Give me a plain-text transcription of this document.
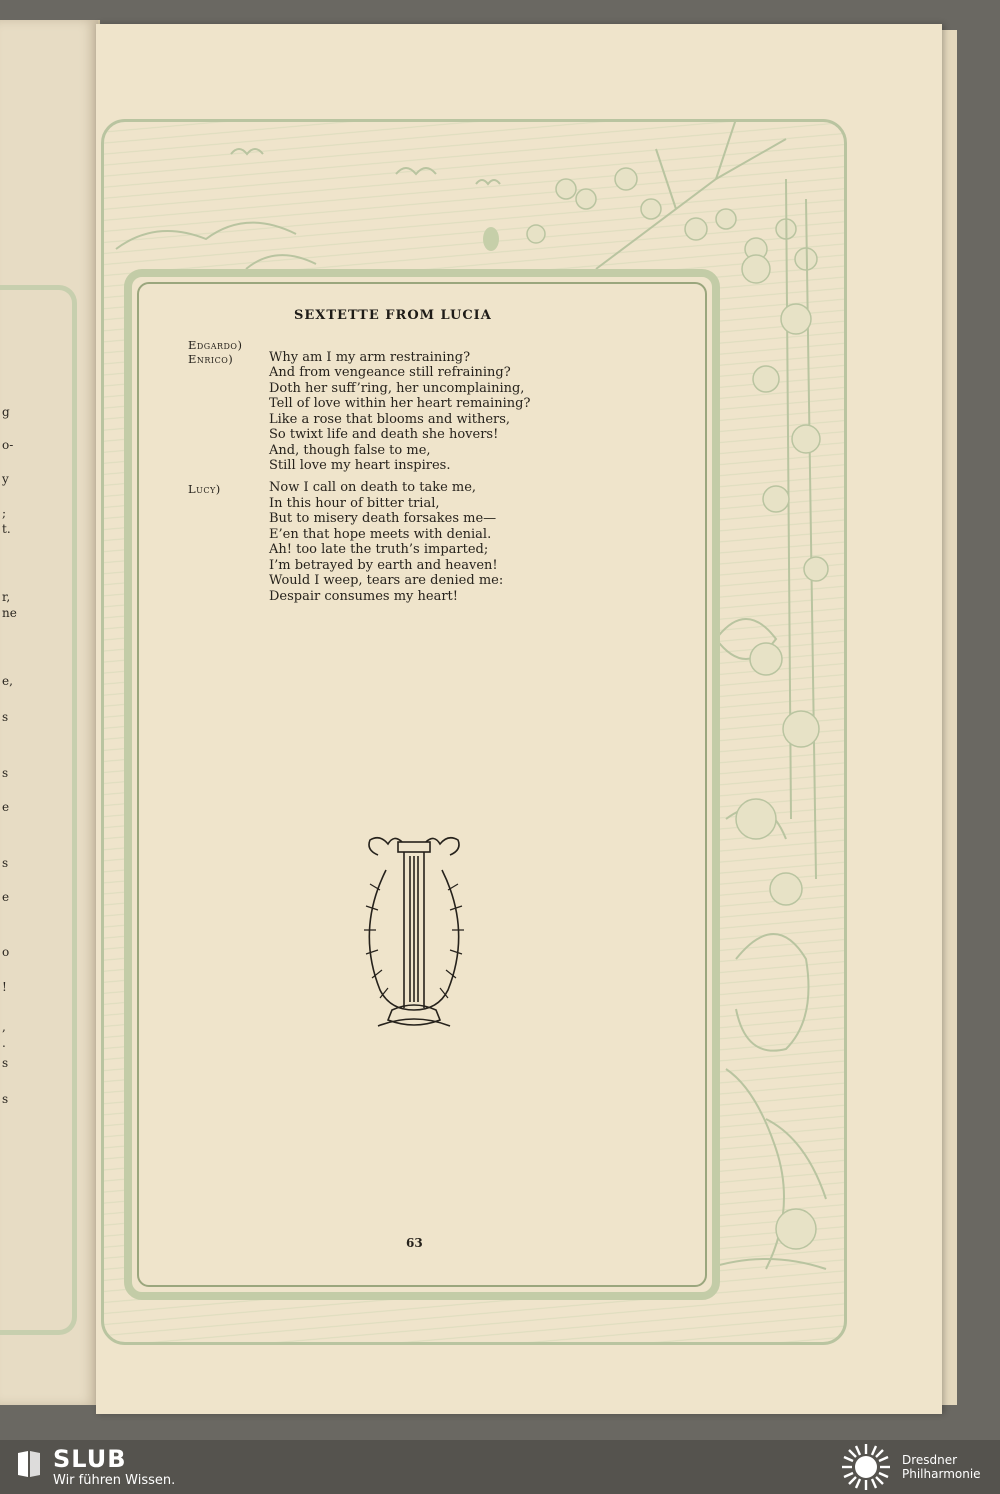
g
o-
y
;
t.
r,
ne
e,
s
s
e
s
e
o
!
,
.
s
s
SEXTETTE FROM LUCIA
Edgardo)
Enrico)	Why am I my arm restraining?
And from vengeance still refraining?
Doth her suff’ring, her uncomplaining,
Tell of love within her heart remaining?
Like a rose that blooms and withers,
So twixt life and death she hovers!
And, though false to me,
Still love my heart inspires.
Lucy)	Now I call on death to take me,
In this hour of bitter trial,
But to misery death forsakes me—
E’en that hope meets with denial.
Ah! too late the truth’s imparted;
I’m betrayed by earth and heaven!
Would I weep, tears are denied me:
Despair consumes my heart!
63
SLUB
Wir führen Wissen.
Dresdner
Philharmonie
